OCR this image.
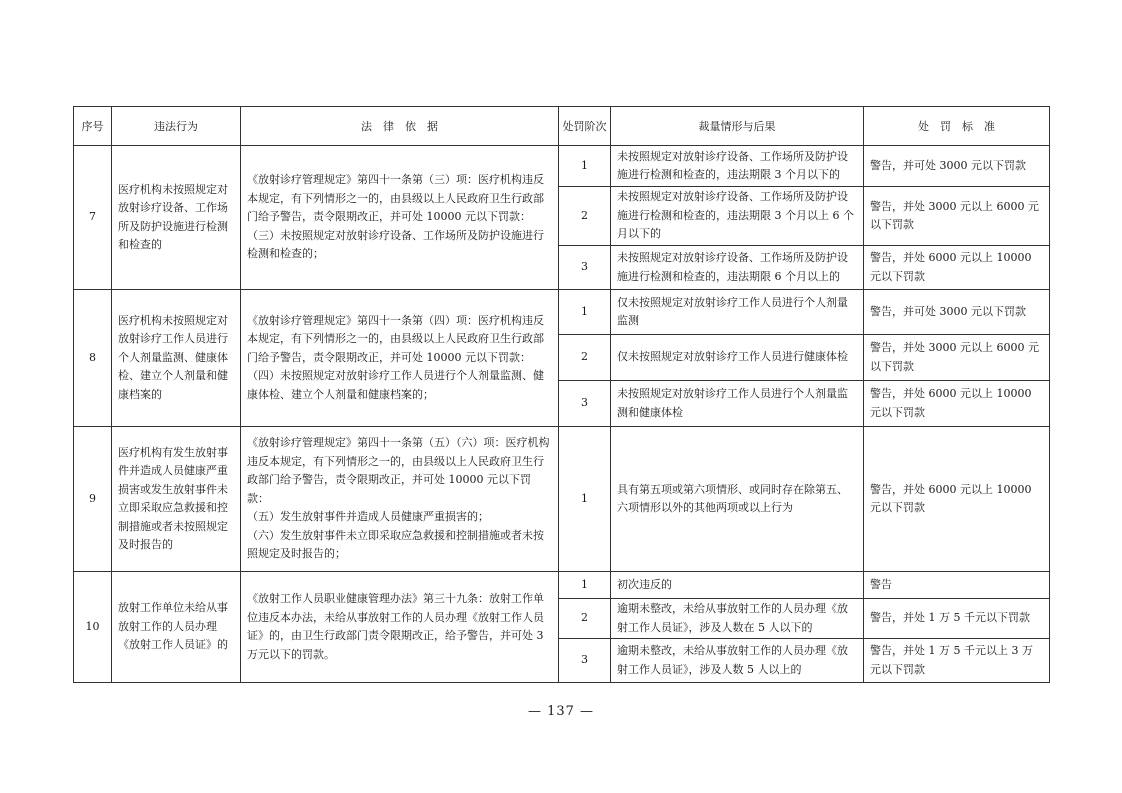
序号	违法行为	法　律　依　据	处罚阶次	裁量情形与后果	处　罚　标　准
7	医疗机构未按照规定对放射诊疗设备、工作场所及防护设施进行检测和检查的	《放射诊疗管理规定》第四十一条第（三）项：医疗机构违反本规定，有下列情形之一的，由县级以上人民政府卫生行政部门给予警告，责令限期改正，并可处 10000 元以下罚款：
（三）未按照规定对放射诊疗设备、工作场所及防护设施进行检测和检查的；	1	未按照规定对放射诊疗设备、工作场所及防护设施进行检测和检查的，违法期限 3 个月以下的	警告，并可处 3000 元以下罚款
			2	未按照规定对放射诊疗设备、工作场所及防护设施进行检测和检查的，违法期限 3 个月以上 6 个月以下的	警告，并处 3000 元以上 6000 元以下罚款
			3	未按照规定对放射诊疗设备、工作场所及防护设施进行检测和检查的，违法期限 6 个月以上的	警告，并处 6000 元以上 10000 元以下罚款
8	医疗机构未按照规定对放射诊疗工作人员进行个人剂量监测、健康体检、建立个人剂量和健康档案的	《放射诊疗管理规定》第四十一条第（四）项：医疗机构违反本规定，有下列情形之一的，由县级以上人民政府卫生行政部门给予警告，责令限期改正，并可处 10000 元以下罚款：
（四）未按照规定对放射诊疗工作人员进行个人剂量监测、健康体检、建立个人剂量和健康档案的；	1	仅未按照规定对放射诊疗工作人员进行个人剂量监测	警告，并可处 3000 元以下罚款
			2	仅未按照规定对放射诊疗工作人员进行健康体检	警告，并处 3000 元以上 6000 元以下罚款
			3	未按照规定对放射诊疗工作人员进行个人剂量监测和健康体检	警告，并处 6000 元以上 10000 元以下罚款
9	医疗机构有发生放射事件并造成人员健康严重损害或发生放射事件未立即采取应急救援和控制措施或者未按照规定及时报告的	《放射诊疗管理规定》第四十一条第（五）（六）项：医疗机构违反本规定，有下列情形之一的，由县级以上人民政府卫生行政部门给予警告，责令限期改正，并可处 10000 元以下罚款：
（五）发生放射事件并造成人员健康严重损害的；
（六）发生放射事件未立即采取应急救援和控制措施或者未按照规定及时报告的；	1	具有第五项或第六项情形、或同时存在除第五、六项情形以外的其他两项或以上行为	警告，并处 6000 元以上 10000 元以下罚款
10	放射工作单位未给从事放射工作的人员办理《放射工作人员证》的	《放射工作人员职业健康管理办法》第三十九条：放射工作单位违反本办法，未给从事放射工作的人员办理《放射工作人员证》的，由卫生行政部门责令限期改正，给予警告，并可处 3 万元以下的罚款。	1	初次违反的	警告
			2	逾期未整改，未给从事放射工作的人员办理《放射工作人员证》，涉及人数在 5 人以下的	警告，并处 1 万 5 千元以下罚款
			3	逾期未整改，未给从事放射工作的人员办理《放射工作人员证》，涉及人数 5 人以上的	警告，并处 1 万 5 千元以上 3 万元以下罚款
— 137 —
